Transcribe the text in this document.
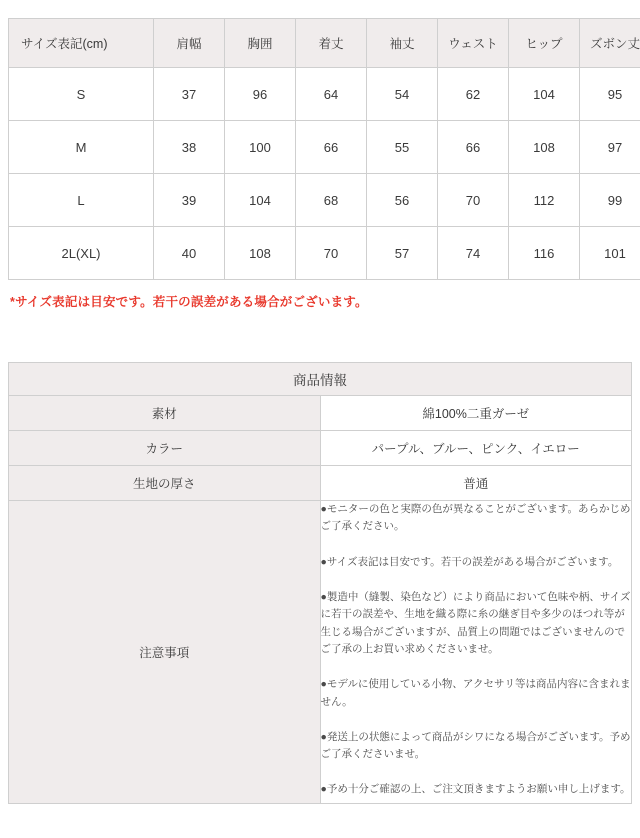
サイズ表記(cm)	肩幅	胸囲	着丈	袖丈	ウェスト	ヒップ	ズボン丈
S	37	96	64	54	62	104	95
M	38	100	66	55	66	108	97
L	39	104	68	56	70	112	99
2L(XL)	40	108	70	57	74	116	101
*サイズ表記は目安です。若干の誤差がある場合がございます。
商品情報	
素材	綿100%二重ガーゼ
カラー	パープル、ブルー、ピンク、イエロー
生地の厚さ	普通
注意事項	

●モニターの色と実際の色が異なることがございます。あらかじめご了承ください。

●サイズ表記は目安です。若干の誤差がある場合がございます。

●製造中（縫製、染色など）により商品において色味や柄、サイズに若干の誤差や、生地を織る際に糸の継ぎ目や多少のほつれ等が生じる場合がございますが、品質上の問題ではございませんのでご了承の上お買い求めくださいませ。

●モデルに使用している小物、アクセサリ等は商品内容に含まれません。

●発送上の状態によって商品がシワになる場合がございます。予めご了承くださいませ。

●予め十分ご確認の上、ご注文頂きますようお願い申し上げます。
